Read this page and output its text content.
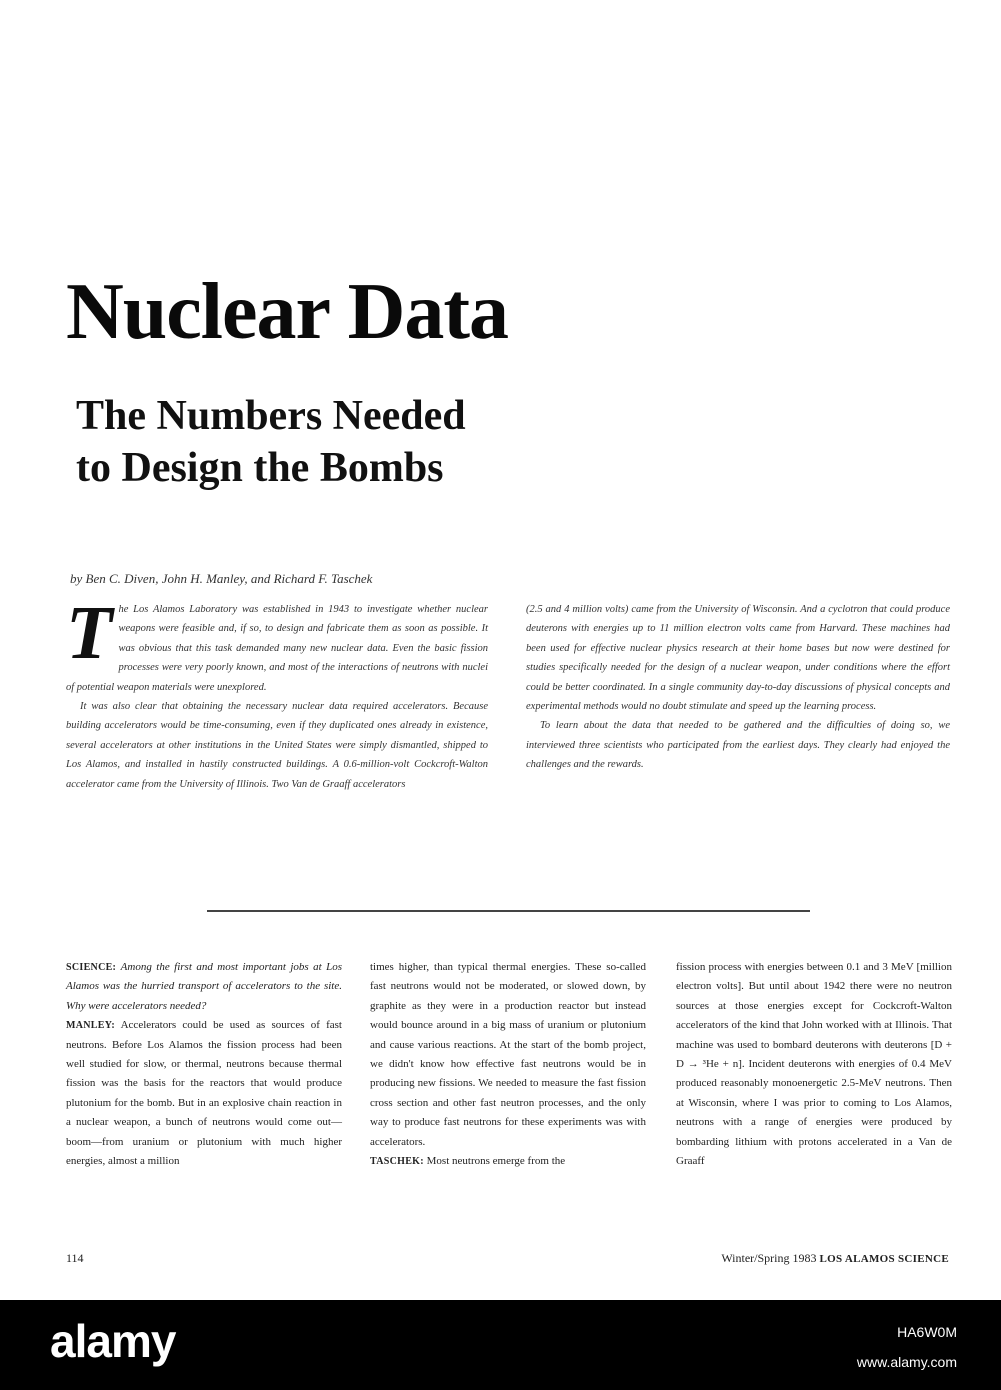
Nuclear Data
The Numbers Needed
to Design the Bombs
by Ben C. Diven, John H. Manley, and Richard F. Taschek

The Los Alamos Laboratory was established in 1943 to investigate whether nuclear weapons were feasible and, if so, to design and fabricate them as soon as possible. It was obvious that this task demanded many new nuclear data. Even the basic fission processes were very poorly known, and most of the interactions of neutrons with nuclei of potential weapon materials were unexplored.

It was also clear that obtaining the necessary nuclear data required accelerators. Because building accelerators would be time-consuming, even if they duplicated ones already in existence, several accelerators at other institutions in the United States were simply dismantled, shipped to Los Alamos, and installed in hastily constructed buildings. A 0.6-million-volt Cockcroft-Walton accelerator came from the University of Illinois. Two Van de Graaff accelerators

(2.5 and 4 million volts) came from the University of Wisconsin. And a cyclotron that could produce deuterons with energies up to 11 million electron volts came from Harvard. These machines had been used for effective nuclear physics research at their home bases but now were destined for studies specifically needed for the design of a nuclear weapon, under conditions where the effort could be better coordinated. In a single community day-to-day discussions of physical concepts and experimental methods would no doubt stimulate and speed up the learning process.

To learn about the data that needed to be gathered and the difficulties of doing so, we interviewed three scientists who participated from the earliest days. They clearly had enjoyed the challenges and the rewards.

SCIENCE: Among the first and most important jobs at Los Alamos was the hurried transport of accelerators to the site. Why were accelerators needed?

MANLEY: Accelerators could be used as sources of fast neutrons. Before Los Alamos the fission process had been well studied for slow, or thermal, neutrons because thermal fission was the basis for the reactors that would produce plutonium for the bomb. But in an explosive chain reaction in a nuclear weapon, a bunch of neutrons would come out—boom—from uranium or plutonium with much higher energies, almost a million

times higher, than typical thermal energies. These so-called fast neutrons would not be moderated, or slowed down, by graphite as they were in a production reactor but instead would bounce around in a big mass of uranium or plutonium and cause various reactions. At the start of the bomb project, we didn't know how effective fast neutrons would be in producing new fissions. We needed to measure the fast fission cross section and other fast neutron processes, and the only way to produce fast neutrons for these experiments was with accelerators.

TASCHEK: Most neutrons emerge from the

fission process with energies between 0.1 and 3 MeV [million electron volts]. But until about 1942 there were no neutron sources at those energies except for Cockcroft-Walton accelerators of the kind that John worked with at Illinois. That machine was used to bombard deuterons with deuterons [D + D → ³He + n]. Incident deuterons with energies of 0.4 MeV produced reasonably monoenergetic 2.5-MeV neutrons. Then at Wisconsin, where I was prior to coming to Los Alamos, neutrons with a range of energies were produced by bombarding lithium with protons accelerated in a Van de Graaff

114	Winter/Spring 1983 LOS ALAMOS SCIENCE
alamy	HA6W0M
www.alamy.com
